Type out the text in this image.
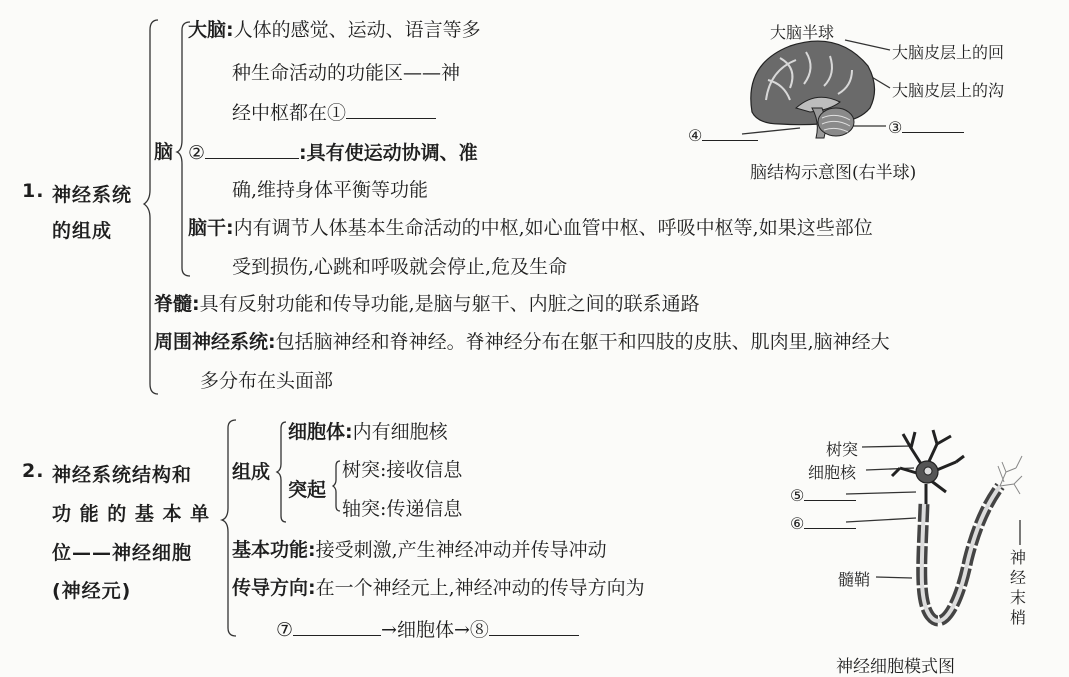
1. 神经系统
的组成
脑
大脑:人体的感觉、运动、语言等多
种生命活动的功能区——神
经中枢都在①
②	:具有使运动协调、准
确,维持身体平衡等功能
脑干:内有调节人体基本生命活动的中枢,如心血管中枢、呼吸中枢等,如果这些部位
受到损伤,心跳和呼吸就会停止,危及生命
脊髓:具有反射功能和传导功能,是脑与躯干、内脏之间的联系通路
周围神经系统:包括脑神经和脊神经。脊神经分布在躯干和四肢的皮肤、肌肉里,脑神经大
多分布在头面部
大脑半球
大脑皮层上的回
大脑皮层上的沟
③
④
脑结构示意图(右半球)
2. 神经系统结构和
功 能 的 基 本 单
位——神经细胞
(神经元)
组成
细胞体:内有细胞核
突起
树突:接收信息
轴突:传递信息
基本功能:接受刺激,产生神经冲动并传导冲动
传导方向:在一个神经元上,神经冲动的传导方向为
⑦	→细胞体→⑧
树突
细胞核
⑤
⑥
髓鞘
神经末梢
神经细胞模式图
